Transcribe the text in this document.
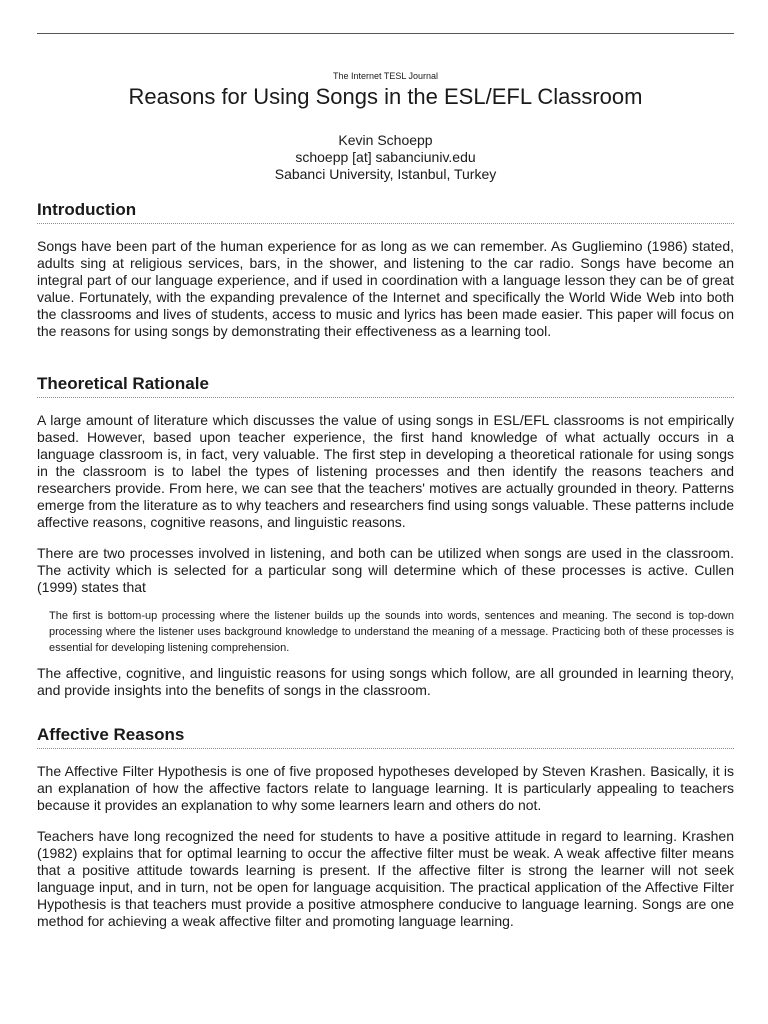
The Internet TESL Journal
Reasons for Using Songs in the ESL/EFL Classroom
Kevin Schoepp
schoepp [at] sabanciuniv.edu
Sabanci University, Istanbul, Turkey
Introduction

Songs have been part of the human experience for as long as we can remember. As Gugliemino (1986) stated, adults sing at religious services, bars, in the shower, and listening to the car radio. Songs have become an integral part of our language experience, and if used in coordination with a language lesson they can be of great value. Fortunately, with the expanding prevalence of the Internet and specifically the World Wide Web into both the classrooms and lives of students, access to music and lyrics has been made easier. This paper will focus on the reasons for using songs by demonstrating their effectiveness as a learning tool.

Theoretical Rationale

A large amount of literature which discusses the value of using songs in ESL/EFL classrooms is not empirically based. However, based upon teacher experience, the first hand knowledge of what actually occurs in a language classroom is, in fact, very valuable. The first step in developing a theoretical rationale for using songs in the classroom is to label the types of listening processes and then identify the reasons teachers and researchers provide. From here, we can see that the teachers' motives are actually grounded in theory. Patterns emerge from the literature as to why teachers and researchers find using songs valuable. These patterns include affective reasons, cognitive reasons, and linguistic reasons.

There are two processes involved in listening, and both can be utilized when songs are used in the classroom. The activity which is selected for a particular song will determine which of these processes is active. Cullen (1999) states that

The first is bottom-up processing where the listener builds up the sounds into words, sentences and meaning. The second is top-down processing where the listener uses background knowledge to understand the meaning of a message. Practicing both of these processes is essential for developing listening comprehension.

The affective, cognitive, and linguistic reasons for using songs which follow, are all grounded in learning theory, and provide insights into the benefits of songs in the classroom.

Affective Reasons

The Affective Filter Hypothesis is one of five proposed hypotheses developed by Steven Krashen. Basically, it is an explanation of how the affective factors relate to language learning. It is particularly appealing to teachers because it provides an explanation to why some learners learn and others do not.

Teachers have long recognized the need for students to have a positive attitude in regard to learning. Krashen (1982) explains that for optimal learning to occur the affective filter must be weak. A weak affective filter means that a positive attitude towards learning is present. If the affective filter is strong the learner will not seek language input, and in turn, not be open for language acquisition. The practical application of the Affective Filter Hypothesis is that teachers must provide a positive atmosphere conducive to language learning. Songs are one method for achieving a weak affective filter and promoting language learning.
